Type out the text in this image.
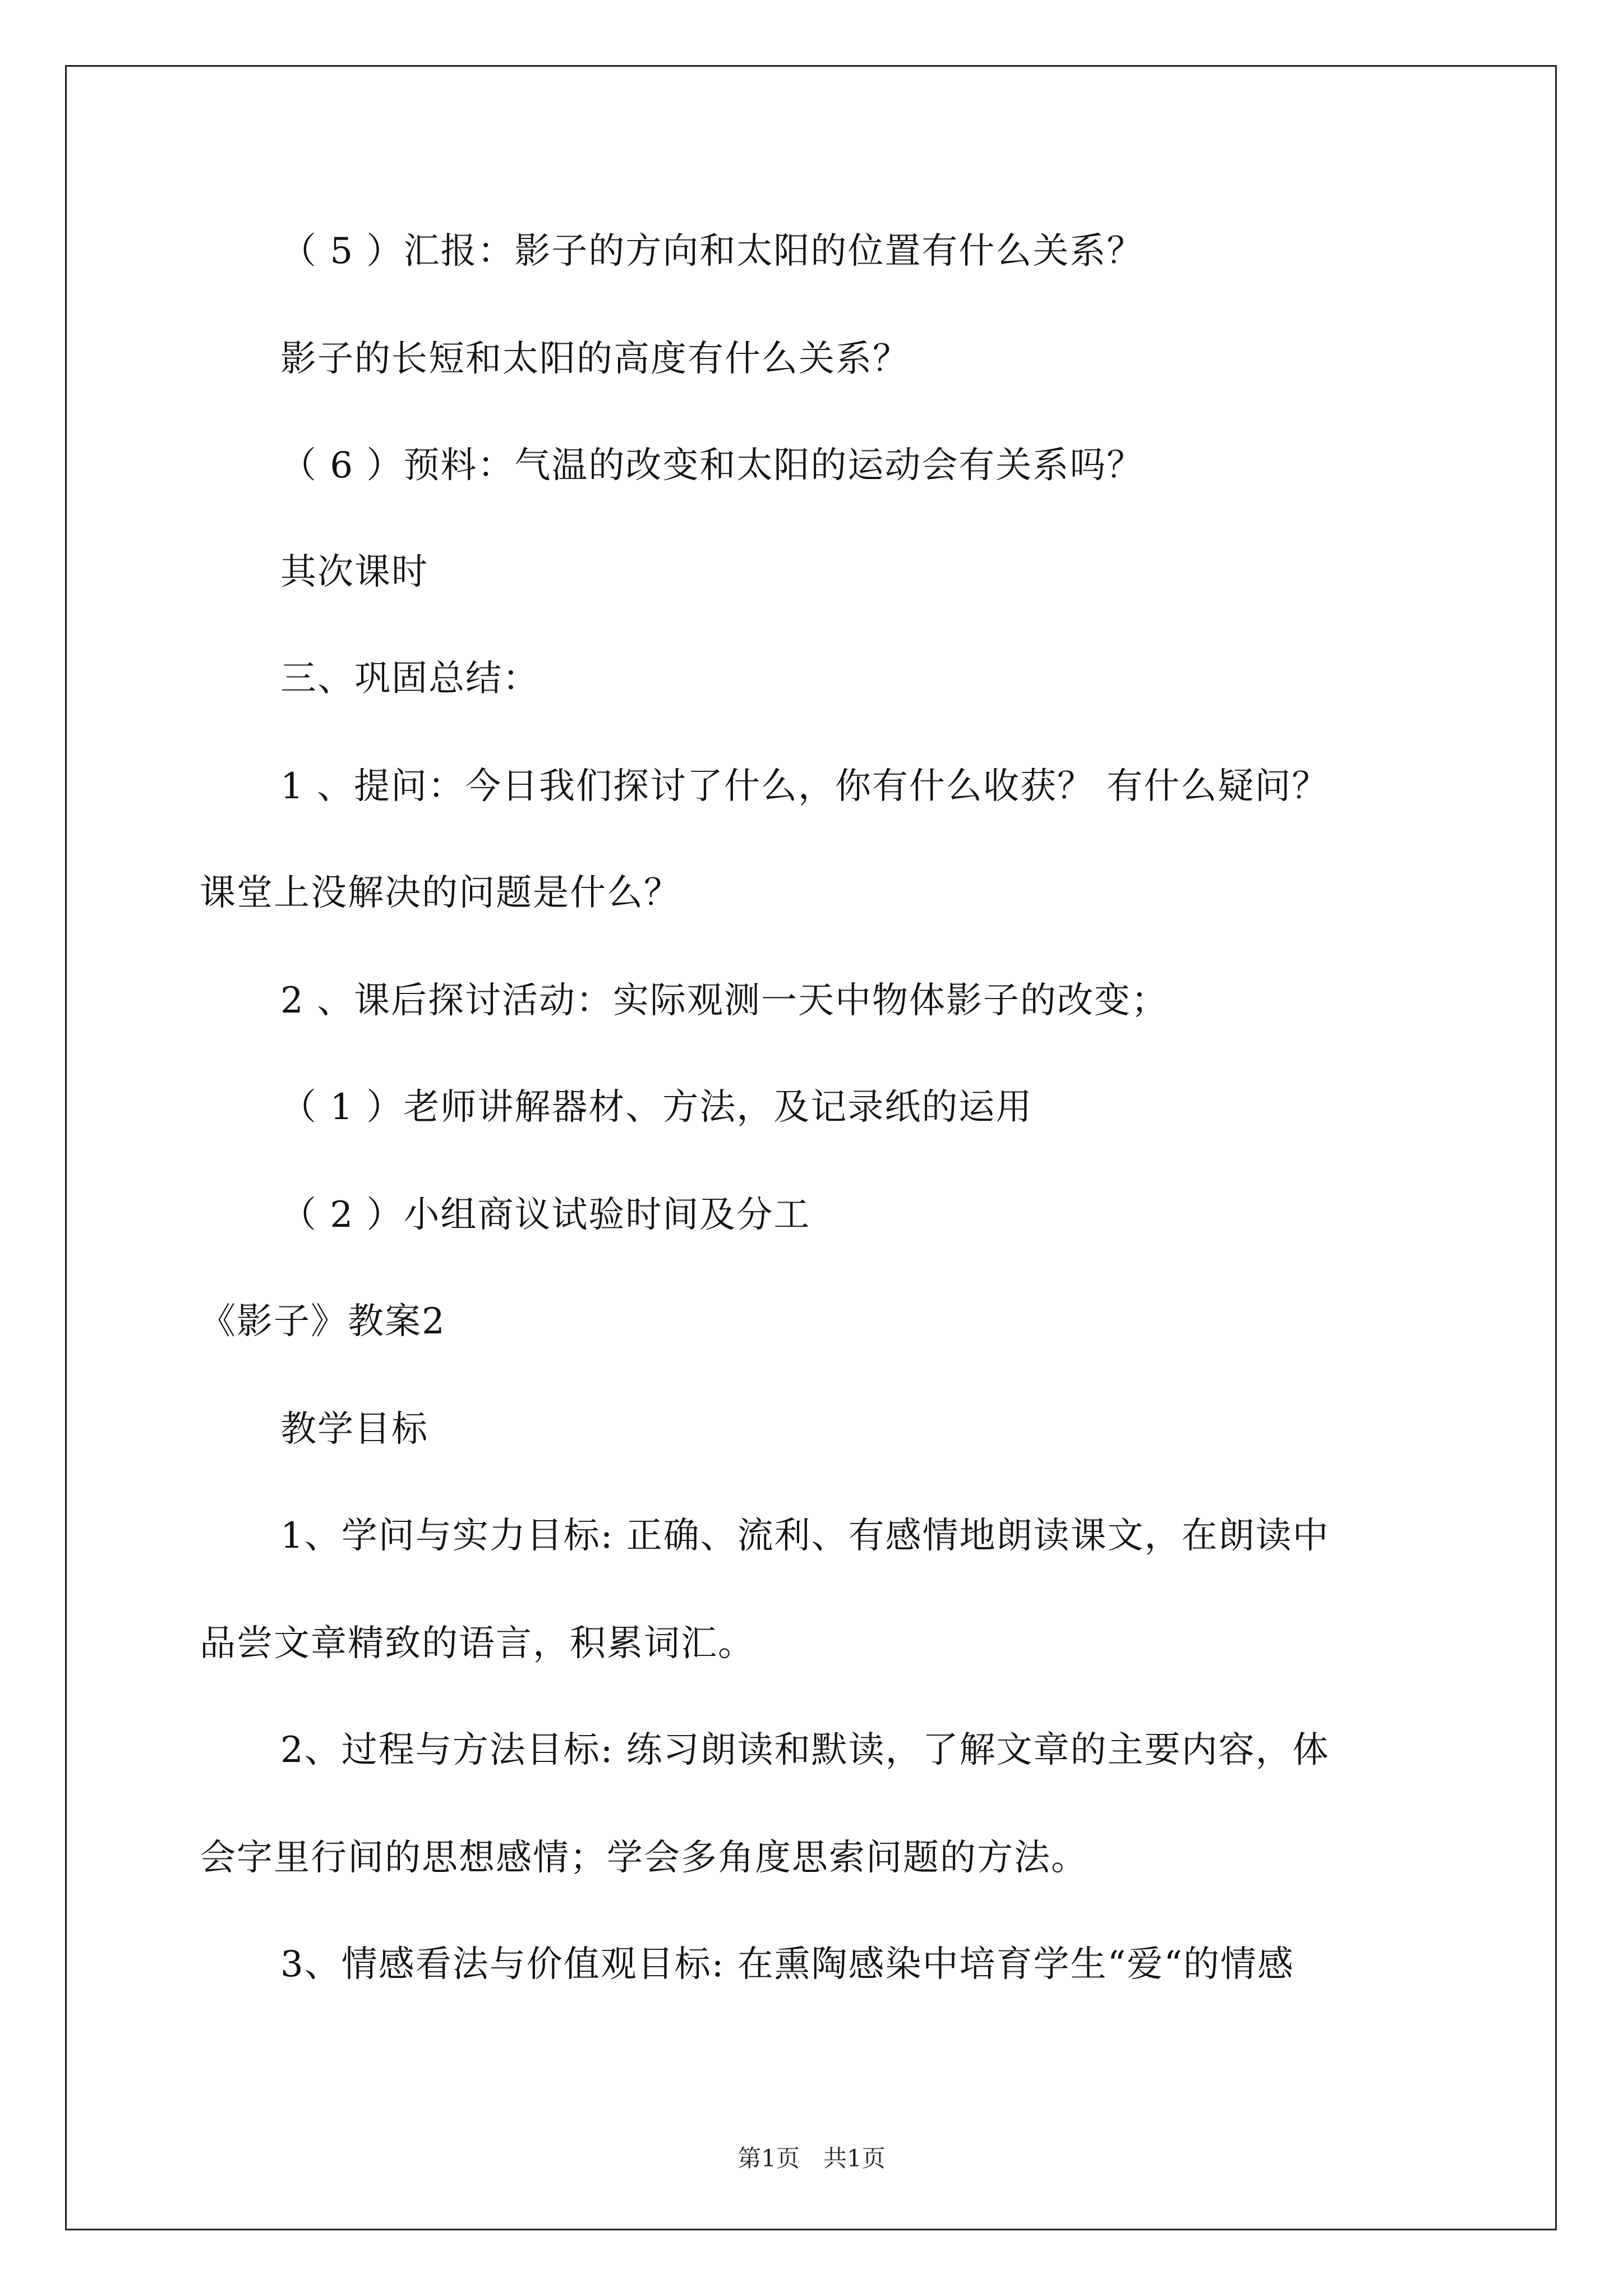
（ 5 ）汇报：影子的方向和太阳的位置有什么关系？
影子的长短和太阳的高度有什么关系？
（ 6 ）预料：气温的改变和太阳的运动会有关系吗？
其次课时
三、巩固总结：
1 、提问：今日我们探讨了什么，你有什么收获？ 有什么疑问？
课堂上没解决的问题是什么？
2 、课后探讨活动：实际观测一天中物体影子的改变；
（ 1 ）老师讲解器材、方法，及记录纸的运用
（ 2 ）小组商议试验时间及分工
《影子》教案2
教学目标
1、学问与实力目标: 正确、流利、有感情地朗读课文，在朗读中
品尝文章精致的语言，积累词汇。
2、过程与方法目标: 练习朗读和默读，了解文章的主要内容，体
会字里行间的思想感情；学会多角度思索问题的方法。
3、情感看法与价值观目标: 在熏陶感染中培育学生“爱“的情感
第1页　共1页
